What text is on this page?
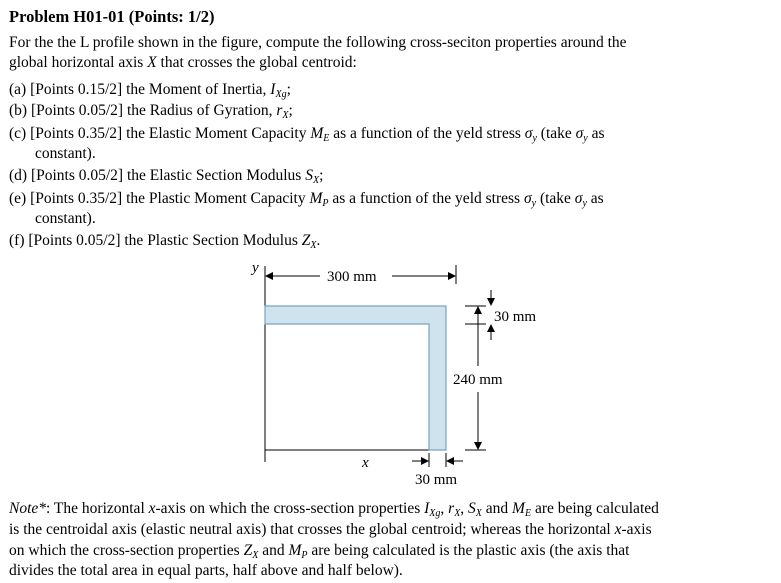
Problem H01-01 (Points: 1/2)
For the the L profile shown in the figure, compute the following cross-seciton properties around the
global horizontal axis X that crosses the global centroid:
(a) [Points 0.15/2] the Moment of Inertia, $I_{Xg}$;
(b) [Points 0.05/2] the Radius of Gyration, $r_X$;
(c) [Points 0.35/2] the Elastic Moment Capacity $M_E$ as a function of the yeld stress $\sigma_y$ (take $\sigma_y$ as
constant).
(d) [Points 0.05/2] the Elastic Section Modulus $S_X$;
(e) [Points 0.35/2] the Plastic Moment Capacity $M_P$ as a function of the yeld stress $\sigma_y$ (take $\sigma_y$ as
constant).
(f) [Points 0.05/2] the Plastic Section Modulus $Z_X$.
y
x
300 mm
30 mm
240 mm
30 mm
Note*: The horizontal x-axis on which the cross-section properties $I_{Xg}$, $r_X$, $S_X$ and $M_E$ are being calculated
is the centroidal axis (elastic neutral axis) that crosses the global centroid; whereas the horizontal x-axis
on which the cross-section properties $Z_X$ and $M_P$ are being calculated is the plastic axis (the axis that
divides the total area in equal parts, half above and half below).
